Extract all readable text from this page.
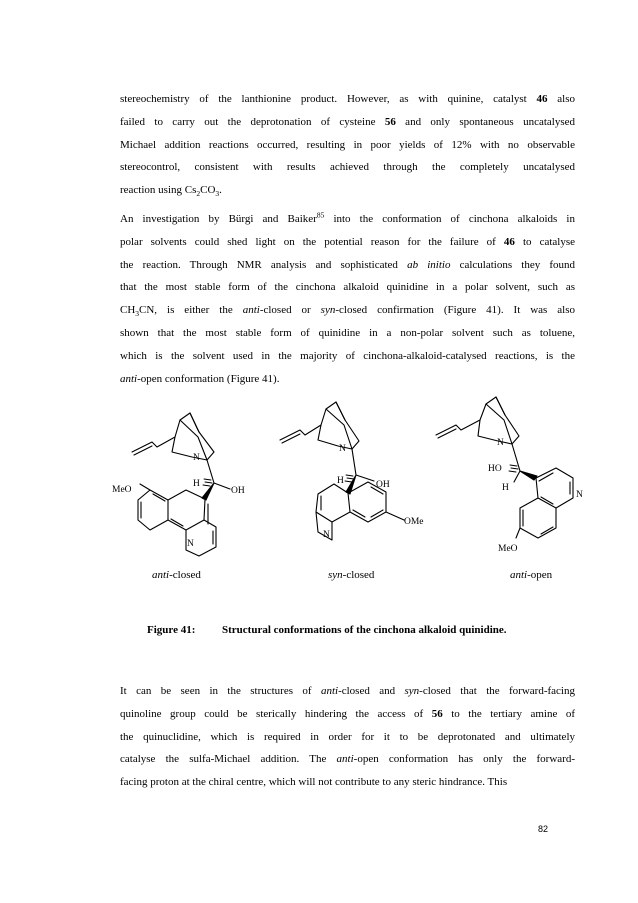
stereochemistry of the lanthionine product. However, as with quinine, catalyst 46 also
failed to carry out the deprotonation of cysteine 56 and only spontaneous uncatalysed
Michael addition reactions occurred, resulting in poor yields of 12% with no observable
stereocontrol, consistent with results achieved through the completely uncatalysed
reaction using $Cs_2CO_3$.
An investigation by Bürgi and Baiker$^{85}$ into the conformation of cinchona alkaloids in
polar solvents could shed light on the potential reason for the failure of 46 to catalyse
the reaction. Through NMR analysis and sophisticated ab initio calculations they found
that the most stable form of the cinchona alkaloid quinidine in a polar solvent, such as
$CH_3CN$, is either the anti-closed or syn-closed confirmation (Figure 41). It was also
shown that the most stable form of quinidine in a non-polar solvent such as toluene,
which is the solvent used in the majority of cinchona-alkaloid-catalysed reactions, is the
anti-open conformation (Figure 41).
N
MeO
H
OH
N
N
H	OH
N
OMe
N
HO
H
N
MeO
anti-closed	syn-closed	anti-open
Figure 41: Structural conformations of the cinchona alkaloid quinidine.
It can be seen in the structures of anti-closed and syn-closed that the forward-facing
quinoline group could be sterically hindering the access of 56 to the tertiary amine of
the quinuclidine, which is required in order for it to be deprotonated and ultimately
catalyse the sulfa-Michael addition. The anti-open conformation has only the forward-
facing proton at the chiral centre, which will not contribute to any steric hindrance. This
82
